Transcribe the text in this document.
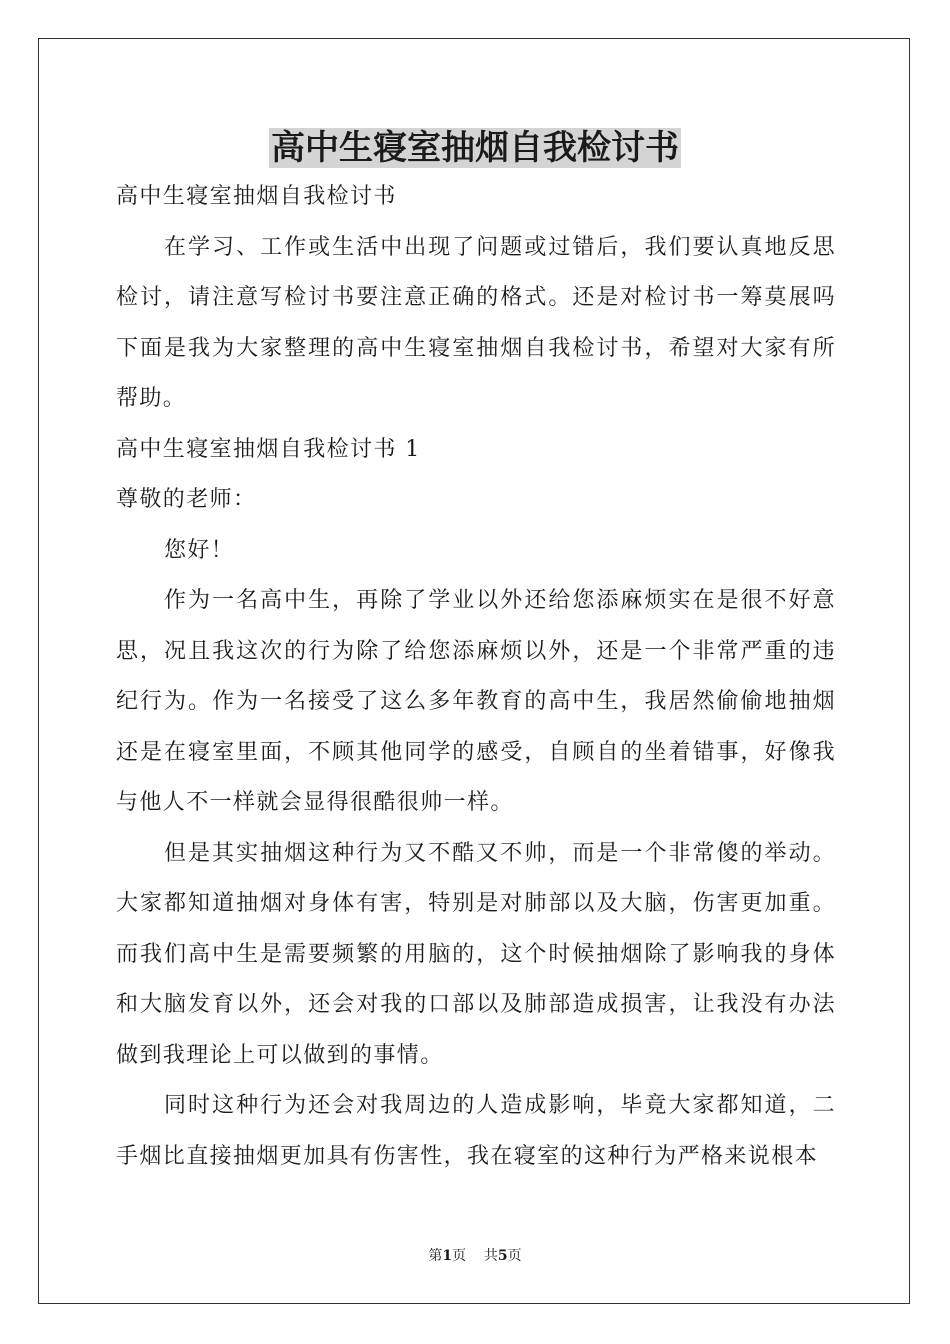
高中生寝室抽烟自我检讨书

高中生寝室抽烟自我检讨书

在学习、工作或生活中出现了问题或过错后，我们要认真地反思检讨，请注意写检讨书要注意正确的格式。还是对检讨书一筹莫展吗下面是我为大家整理的高中生寝室抽烟自我检讨书，希望对大家有所帮助。

高中生寝室抽烟自我检讨书 1

尊敬的老师：

您好！

作为一名高中生，再除了学业以外还给您添麻烦实在是很不好意思，况且我这次的行为除了给您添麻烦以外，还是一个非常严重的违纪行为。作为一名接受了这么多年教育的高中生，我居然偷偷地抽烟还是在寝室里面，不顾其他同学的感受，自顾自的坐着错事，好像我与他人不一样就会显得很酷很帅一样。

但是其实抽烟这种行为又不酷又不帅，而是一个非常傻的举动。大家都知道抽烟对身体有害，特别是对肺部以及大脑，伤害更加重。而我们高中生是需要频繁的用脑的，这个时候抽烟除了影响我的身体和大脑发育以外，还会对我的口部以及肺部造成损害，让我没有办法做到我理论上可以做到的事情。

同时这种行为还会对我周边的人造成影响，毕竟大家都知道，二手烟比直接抽烟更加具有伤害性，我在寝室的这种行为严格来说根本

第1页 共5页
